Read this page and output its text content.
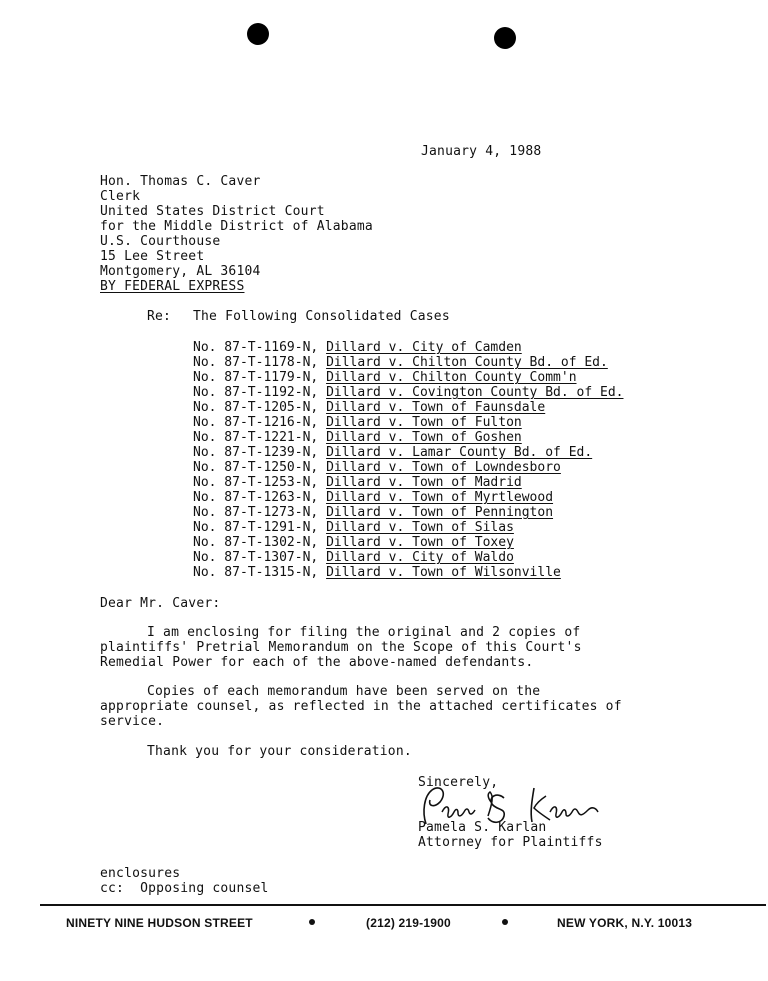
January 4, 1988
Hon. Thomas C. Caver
Clerk
United States District Court
for the Middle District of Alabama
U.S. Courthouse
15 Lee Street
Montgomery, AL 36104
BY FEDERAL EXPRESS
Re: The Following Consolidated Cases
No. 87-T-1169-N, Dillard v. City of Camden
No. 87-T-1178-N, Dillard v. Chilton County Bd. of Ed.
No. 87-T-1179-N, Dillard v. Chilton County Comm'n
No. 87-T-1192-N, Dillard v. Covington County Bd. of Ed.
No. 87-T-1205-N, Dillard v. Town of Faunsdale
No. 87-T-1216-N, Dillard v. Town of Fulton
No. 87-T-1221-N, Dillard v. Town of Goshen
No. 87-T-1239-N, Dillard v. Lamar County Bd. of Ed.
No. 87-T-1250-N, Dillard v. Town of Lowndesboro
No. 87-T-1253-N, Dillard v. Town of Madrid
No. 87-T-1263-N, Dillard v. Town of Myrtlewood
No. 87-T-1273-N, Dillard v. Town of Pennington
No. 87-T-1291-N, Dillard v. Town of Silas
No. 87-T-1302-N, Dillard v. Town of Toxey
No. 87-T-1307-N, Dillard v. City of Waldo
No. 87-T-1315-N, Dillard v. Town of Wilsonville
Dear Mr. Caver:
I am enclosing for filing the original and 2 copies of
plaintiffs' Pretrial Memorandum on the Scope of this Court's
Remedial Power for each of the above-named defendants.
Copies of each memorandum have been served on the
appropriate counsel, as reflected in the attached certificates of
service.
Thank you for your consideration.
Sincerely,
Pamela S. Karlan
Attorney for Plaintiffs
enclosures
cc:  Opposing counsel
NINETY NINE HUDSON STREET	(212) 219-1900	NEW YORK, N.Y. 10013
